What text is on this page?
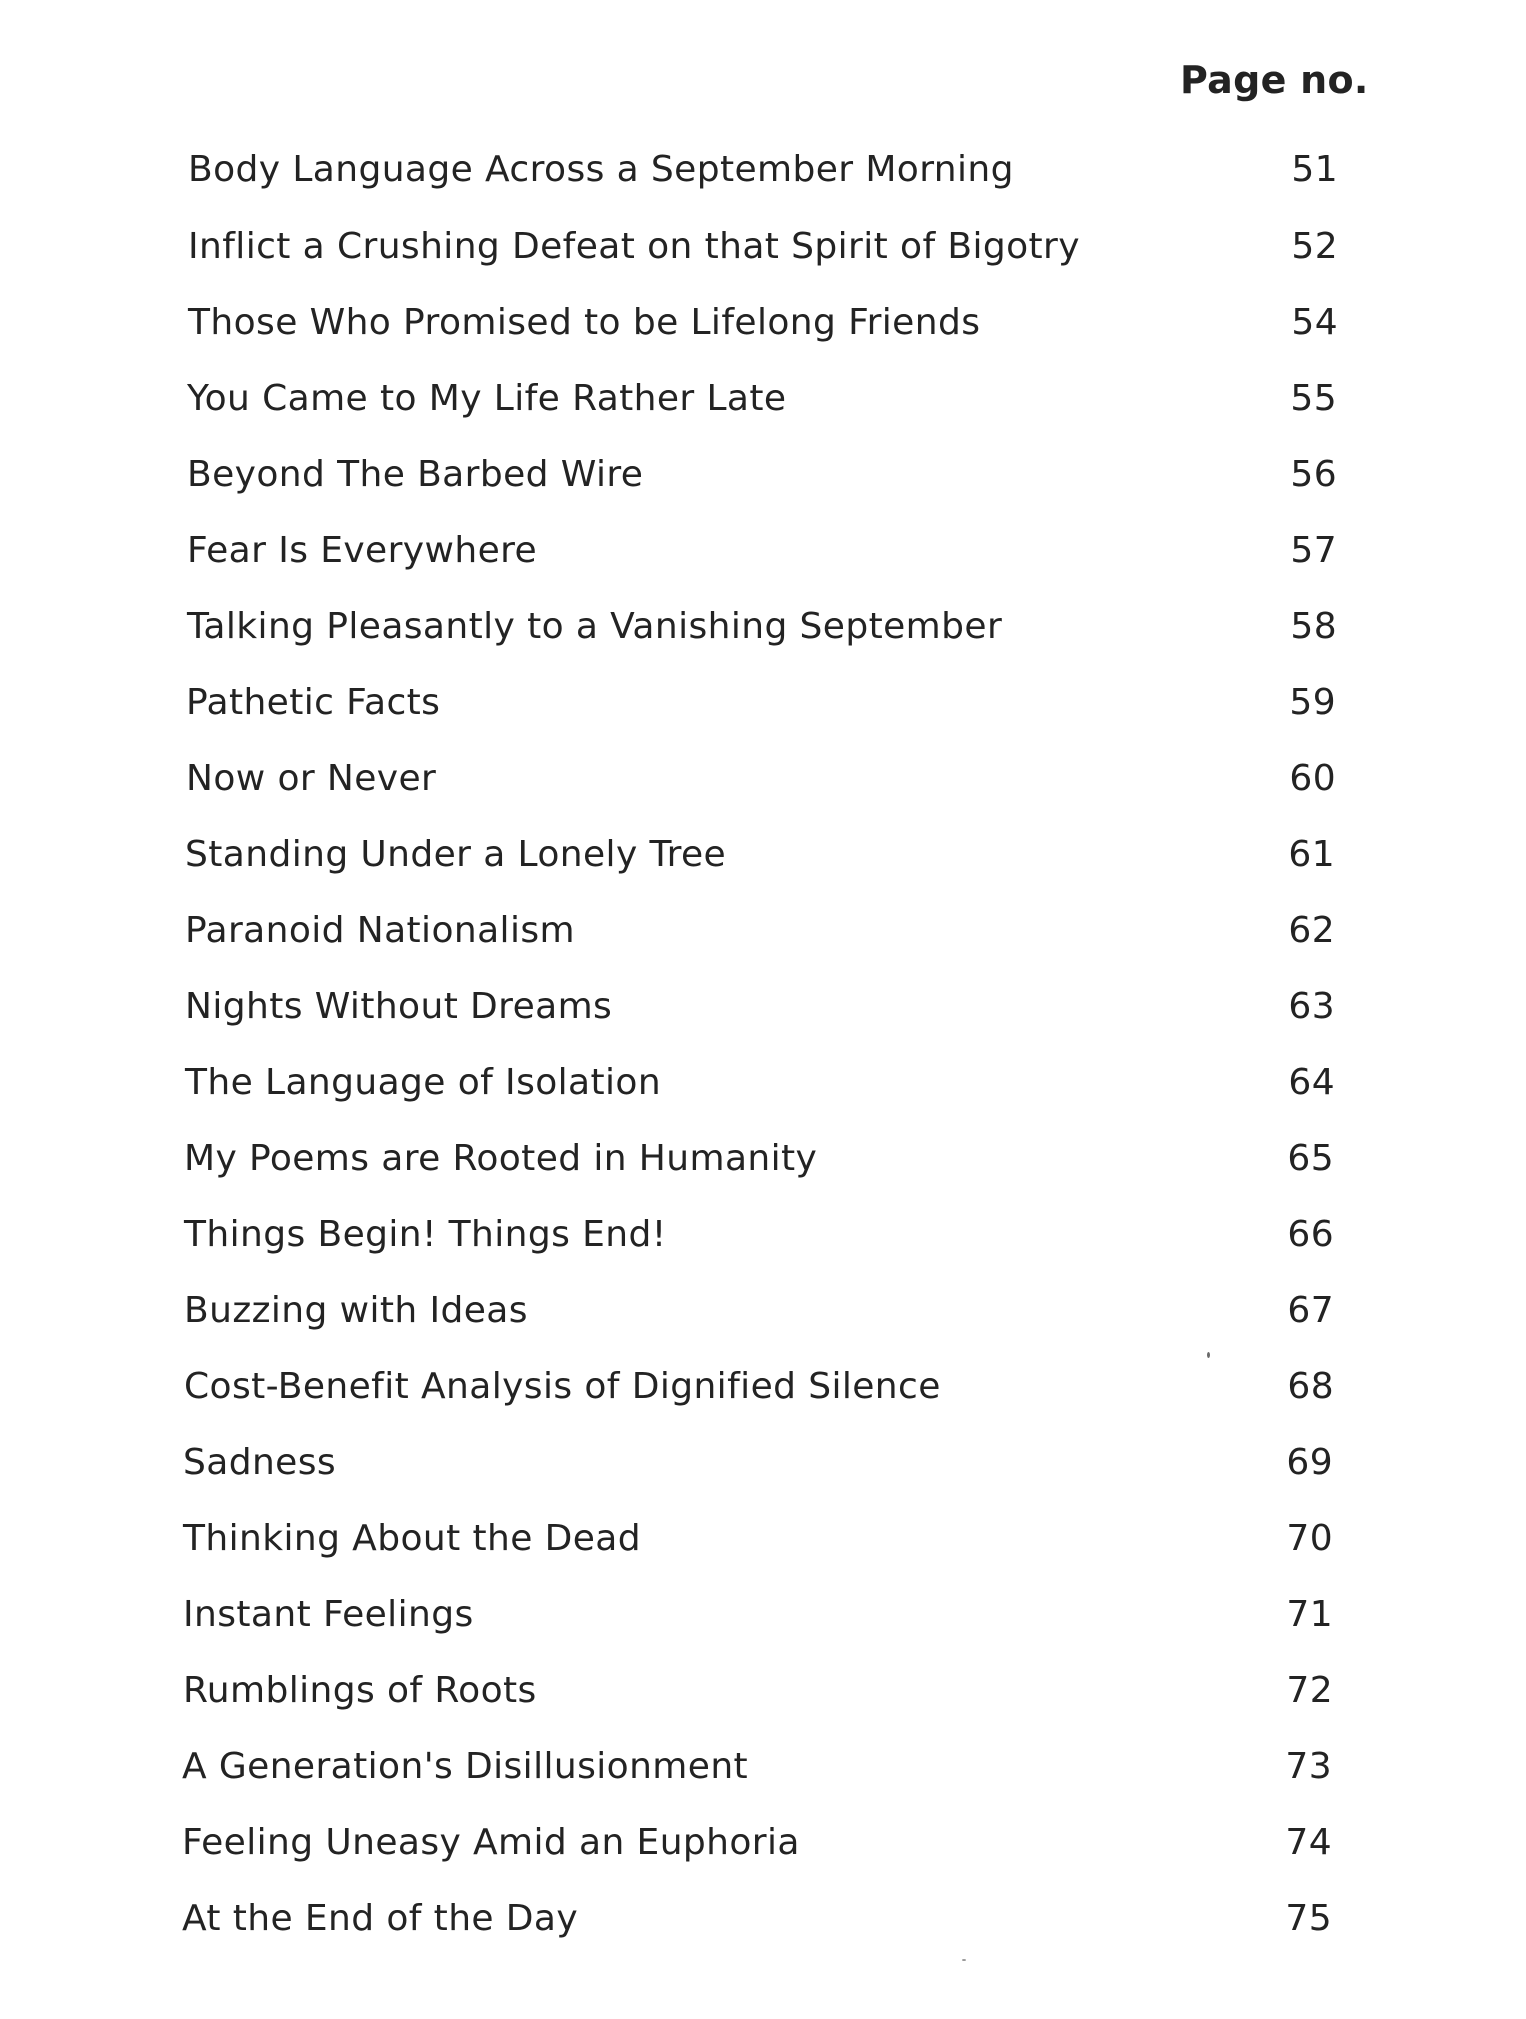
Page no.
Body Language Across a September Morning	51
Inflict a Crushing Defeat on that Spirit of Bigotry	52
Those Who Promised to be Lifelong Friends	54
You Came to My Life Rather Late	55
Beyond The Barbed Wire	56
Fear Is Everywhere	57
Talking Pleasantly to a Vanishing September	58
Pathetic Facts	59
Now or Never	60
Standing Under a Lonely Tree	61
Paranoid Nationalism	62
Nights Without Dreams	63
The Language of Isolation	64
My Poems are Rooted in Humanity	65
Things Begin! Things End!	66
Buzzing with Ideas	67
Cost-Benefit Analysis of Dignified Silence	68
Sadness	69
Thinking About the Dead	70
Instant Feelings	71
Rumblings of Roots	72
A Generation's Disillusionment	73
Feeling Uneasy Amid an Euphoria	74
At the End of the Day	75
